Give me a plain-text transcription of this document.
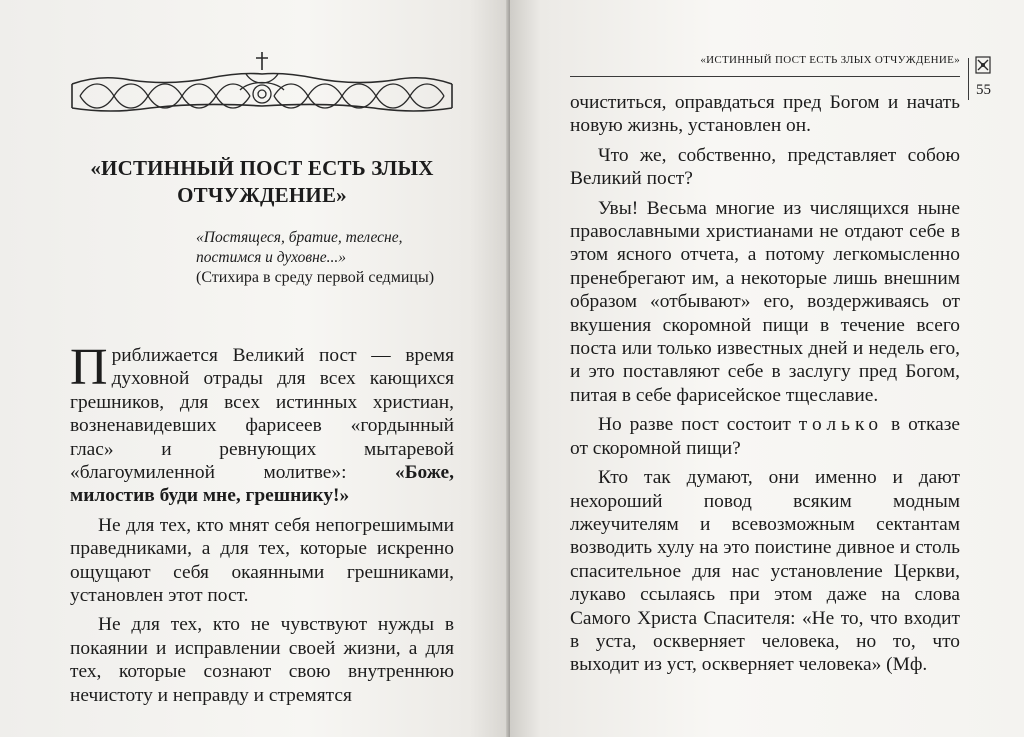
«ИСТИННЫЙ ПОСТ ЕСТЬ ЗЛЫХ
ОТЧУЖДЕНИЕ»
«Постящеся, братие, телесне,
постимся и духовне...»
(Стихира в среду первой седмицы)

Приближается Великий пост — время духовной отрады для всех кающихся грешников, для всех истинных христиан, возненавидевших фарисеев «гордынный глас» и ревнующих мытаревой «благоумиленной молитве»: «Боже, милостив буди мне, грешнику!»

Не для тех, кто мнят себя непогрешимыми праведниками, а для тех, которые искренно ощущают себя окаянными грешниками, установлен этот пост.

Не для тех, кто не чувствуют нужды в покаянии и исправлении своей жизни, а для тех, которые сознают свою внутреннюю нечистоту и неправду и стремятся

«ИСТИННЫЙ ПОСТ ЕСТЬ ЗЛЫХ ОТЧУЖДЕНИЕ»
55

очиститься, оправдаться пред Богом и начать новую жизнь, установлен он.

Что же, собственно, представляет собою Великий пост?

Увы! Весьма многие из числящихся ныне православными христианами не отдают себе в этом ясного отчета, а потому легкомысленно пренебрегают им, а некоторые лишь внешним образом «отбывают» его, воздерживаясь от вкушения скоромной пищи в течение всего поста или только известных дней и недель его, и это поставляют себе в заслугу пред Богом, питая в себе фарисейское тщеславие.

Но разве пост состоит только в отказе от скоромной пищи?

Кто так думают, они именно и дают нехороший повод всяким модным лжеучителям и всевозможным сектантам возводить хулу на это поистине дивное и столь спасительное для нас установление Церкви, лукаво ссылаясь при этом даже на слова Самого Христа Спасителя: «Не то, что входит в уста, оскверняет человека, но то, что выходит из уст, оскверняет человека» (Мф.
